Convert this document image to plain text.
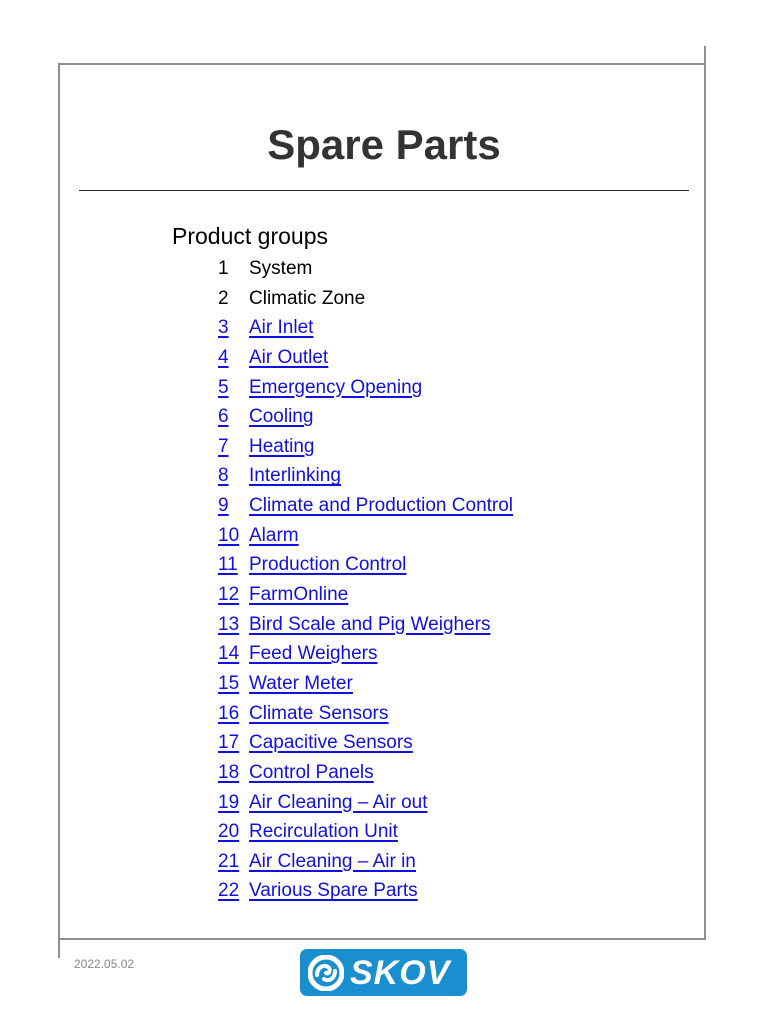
Spare Parts
Product groups
1 System
2 Climatic Zone
3 Air Inlet
4 Air Outlet
5 Emergency Opening
6 Cooling
7 Heating
8 Interlinking
9 Climate and Production Control
10 Alarm
11 Production Control
12 FarmOnline
13 Bird Scale and Pig Weighers
14 Feed Weighers
15 Water Meter
16 Climate Sensors
17 Capacitive Sensors
18 Control Panels
19 Air Cleaning – Air out
20 Recirculation Unit
21 Air Cleaning – Air in
22 Various Spare Parts
2022.05.02	SKOV
